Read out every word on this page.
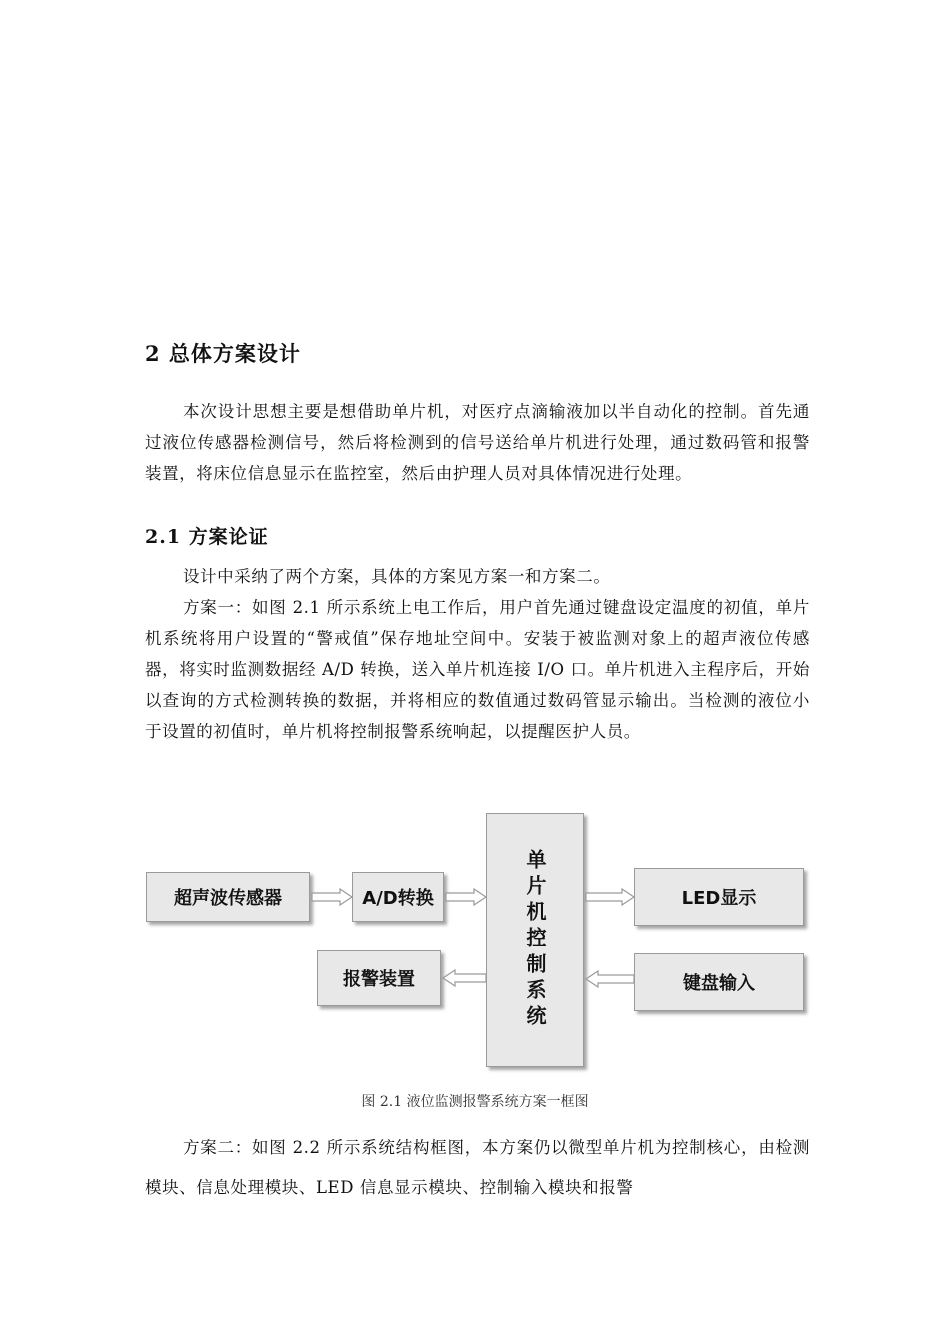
2 总体方案设计
本次设计思想主要是想借助单片机，对医疗点滴输液加以半自动化的控制。首先通过液位传感器检测信号，然后将检测到的信号送给单片机进行处理，通过数码管和报警装置，将床位信息显示在监控室，然后由护理人员对具体情况进行处理。
2.1 方案论证
设计中采纳了两个方案，具体的方案见方案一和方案二。
方案一：如图 2.1 所示系统上电工作后，用户首先通过键盘设定温度的初值，单片机系统将用户设置的“警戒值”保存地址空间中。安装于被监测对象上的超声液位传感器，将实时监测数据经 A/D 转换，送入单片机连接 I/O 口。单片机进入主程序后，开始以查询的方式检测转换的数据，并将相应的数值通过数码管显示输出。当检测的液位小于设置的初值时，单片机将控制报警系统响起，以提醒医护人员。
超声波传感器	A/D转换	单片机控制系统
报警装置
LED显示
键盘输入
图 2.1 液位监测报警系统方案一框图
方案二：如图 2.2 所示系统结构框图，本方案仍以微型单片机为控制核心，由检测模块、信息处理模块、LED 信息显示模块、控制输入模块和报警
